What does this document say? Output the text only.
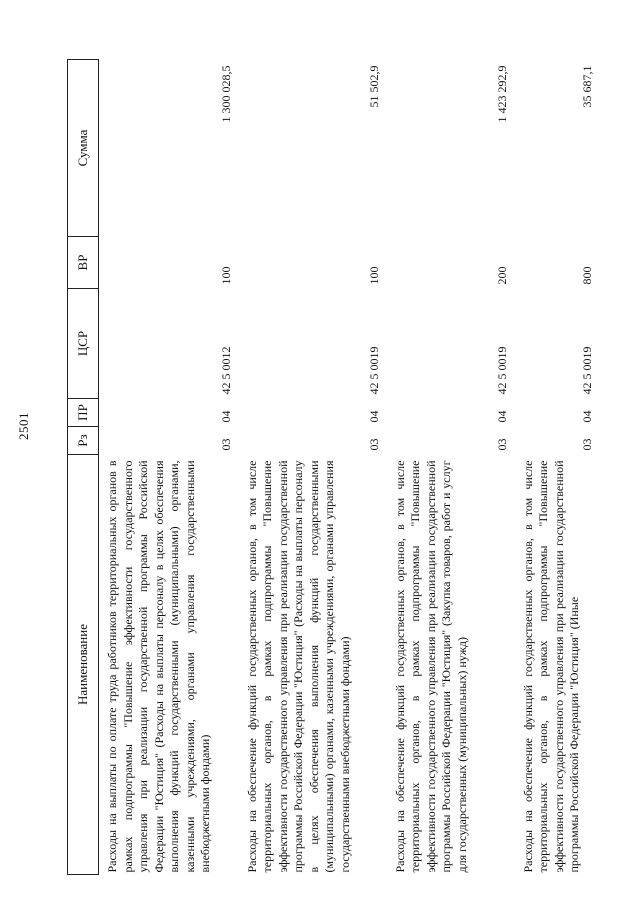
2501
Наименование	Рз	ПР	ЦСР	ВР	Сумма
Расходы на выплаты по оплате труда работников территориальных органов в рамках подпрограммы "Повышение эффективности государственного управления при реализации государственной программы Российской Федерации "Юстиция" (Расходы на выплаты персоналу в целях обеспечения выполнения функций государственными (муниципальными) органами, казенными учреждениями, органами управления государственными внебюджетными фондами)	03	04	42 5 0012	100	1 300 028,5
Расходы на обеспечение функций государственных органов, в том числе территориальных органов, в рамках подпрограммы "Повышение эффективности государственного управления при реализации государственной программы Российской Федерации "Юстиция" (Расходы на выплаты персоналу в целях обеспечения выполнения функций государственными (муниципальными) органами, казенными учреждениями, органами управления государственными внебюджетными фондами)	03	04	42 5 0019	100	51 502,9
Расходы на обеспечение функций государственных органов, в том числе территориальных органов, в рамках подпрограммы "Повышение эффективности государственного управления при реализации государственной программы Российской Федерации "Юстиция" (Закупка товаров, работ и услуг для государственных (муниципальных) нужд)	03	04	42 5 0019	200	1 423 292,9
Расходы на обеспечение функций государственных органов, в том числе территориальных органов, в рамках подпрограммы "Повышение эффективности государственного управления при реализации государственной программы Российской Федерации "Юстиция" (Иные	03	04	42 5 0019	800	35 687,1
